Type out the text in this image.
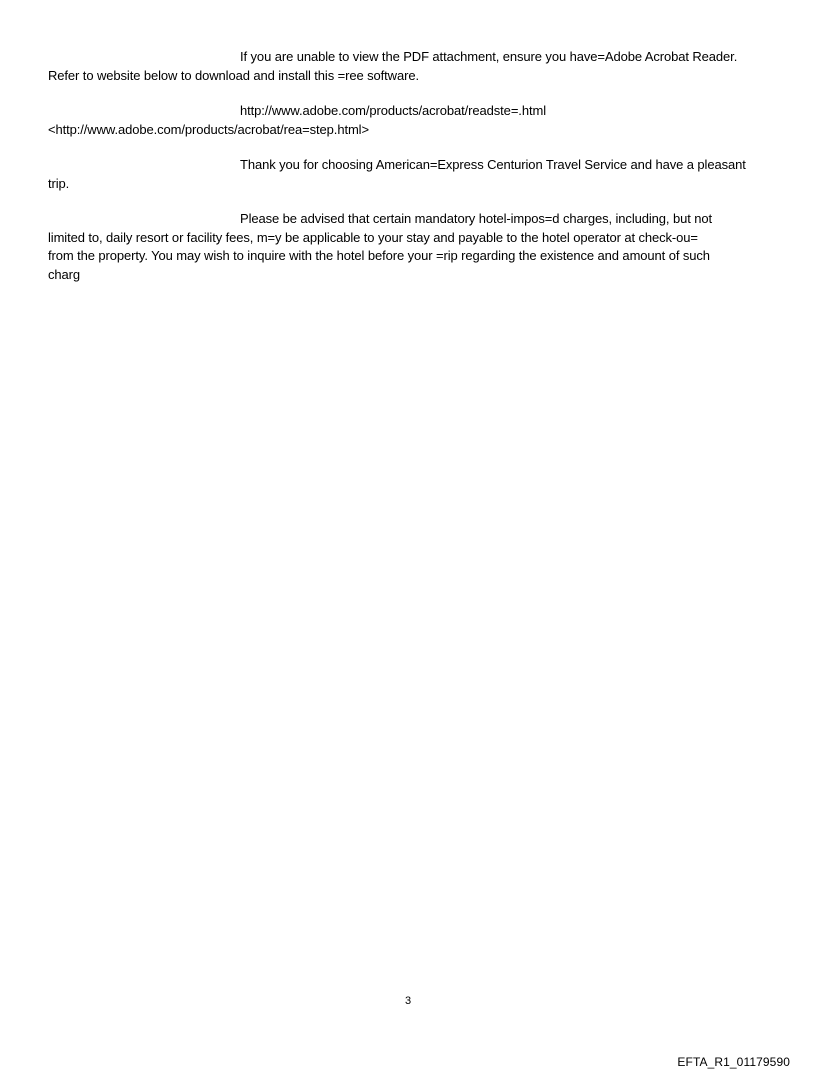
If you are unable to view the PDF attachment, ensure you have=Adobe Acrobat Reader.
Refer to website below to download and install this =ree software.
http://www.adobe.com/products/acrobat/readste=.html
<http://www.adobe.com/products/acrobat/rea=step.html>
Thank you for choosing American=Express Centurion Travel Service and have a pleasant
trip.
Please be advised that certain mandatory hotel-impos=d charges, including, but not
limited to, daily resort or facility fees, m=y be applicable to your stay and payable to the hotel operator at check-ou=
from the property. You may wish to inquire with the hotel before your =rip regarding the existence and amount of such
charg
3
EFTA_R1_01179590
